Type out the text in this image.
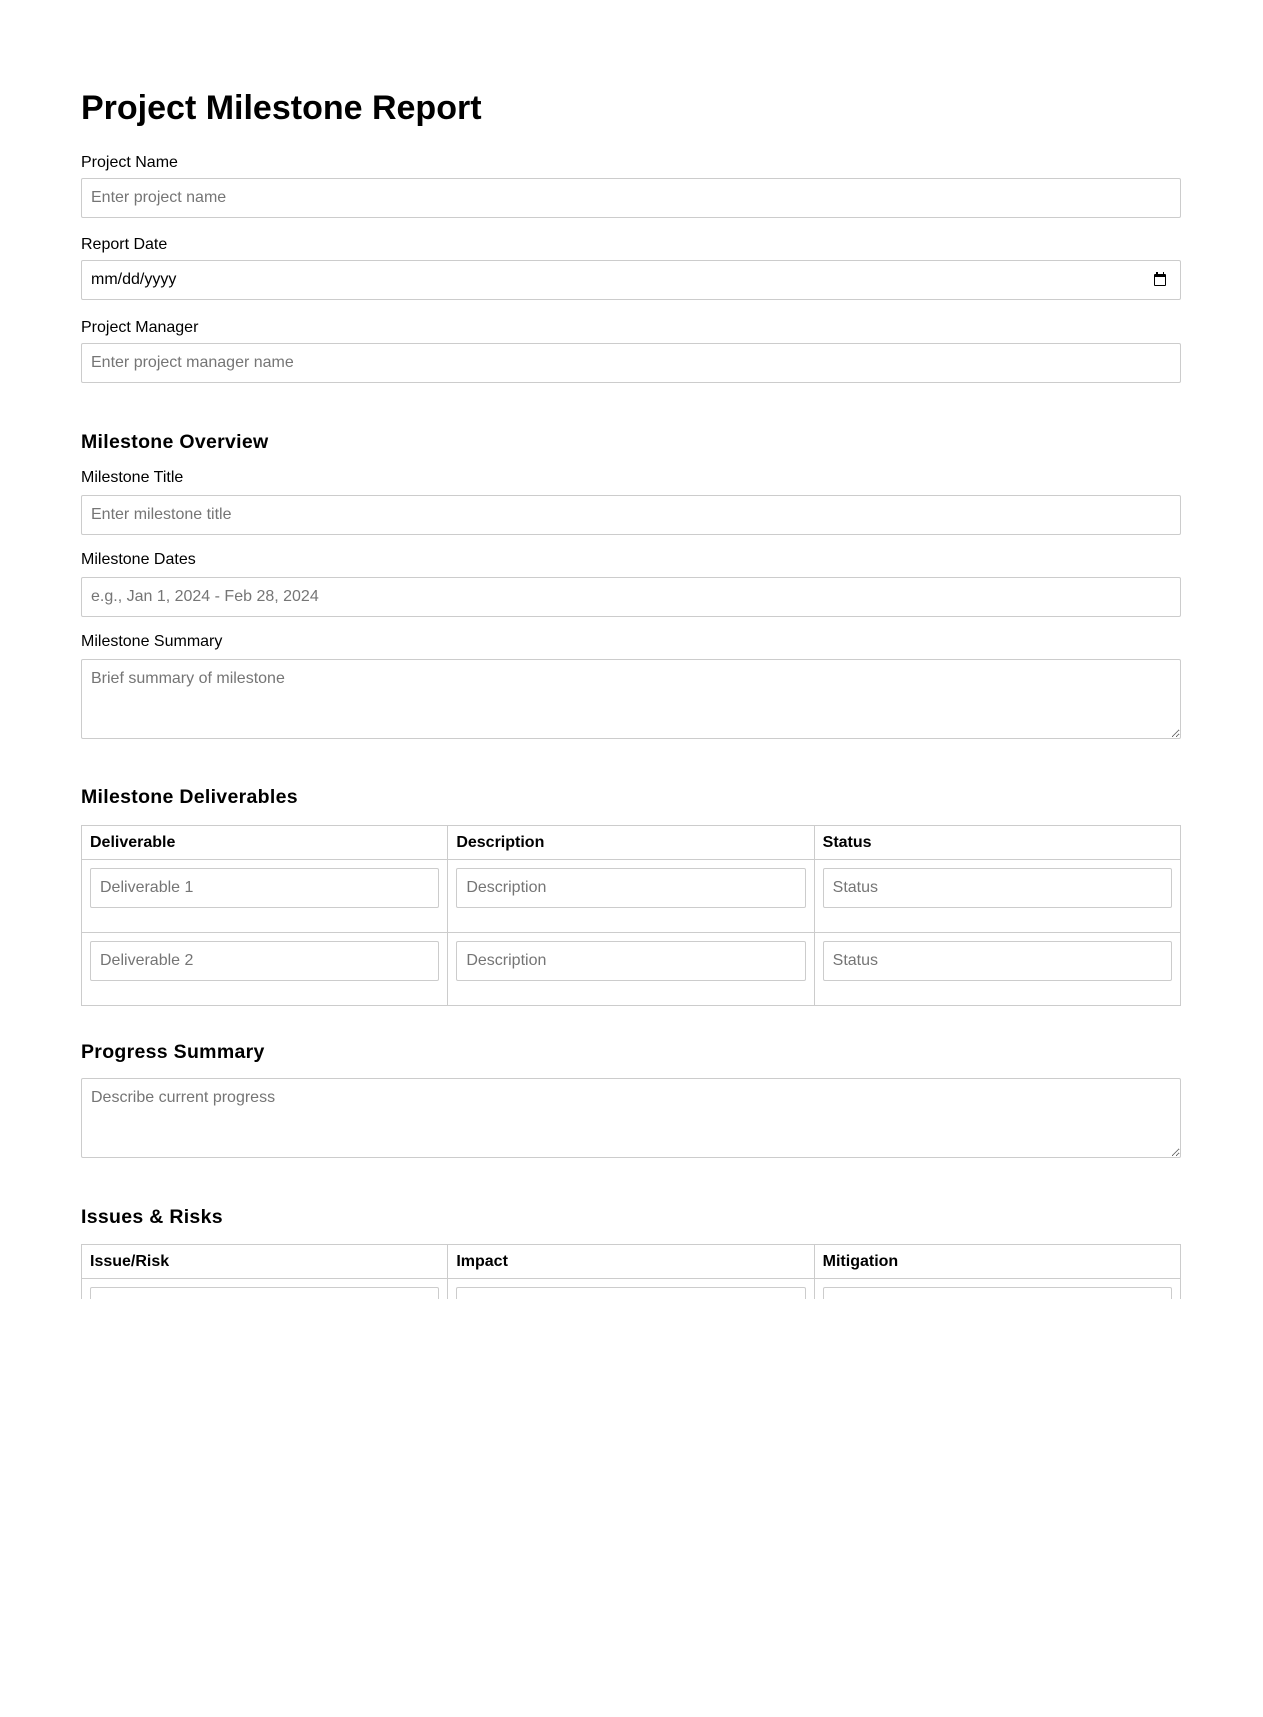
Project Milestone Report
Project Name
Enter project name
Report Date
mm/dd/yyyy
Project Manager
Enter project manager name
Milestone Overview
Milestone Title
Enter milestone title
Milestone Dates
e.g., Jan 1, 2024 - Feb 28, 2024
Milestone Summary
Brief summary of milestone
Milestone Deliverables
Deliverable	Description	Status
Deliverable 1	Description	Status
Deliverable 2	Description	Status
Progress Summary
Describe current progress
Issues & Risks
Issue/Risk	Impact	Mitigation
